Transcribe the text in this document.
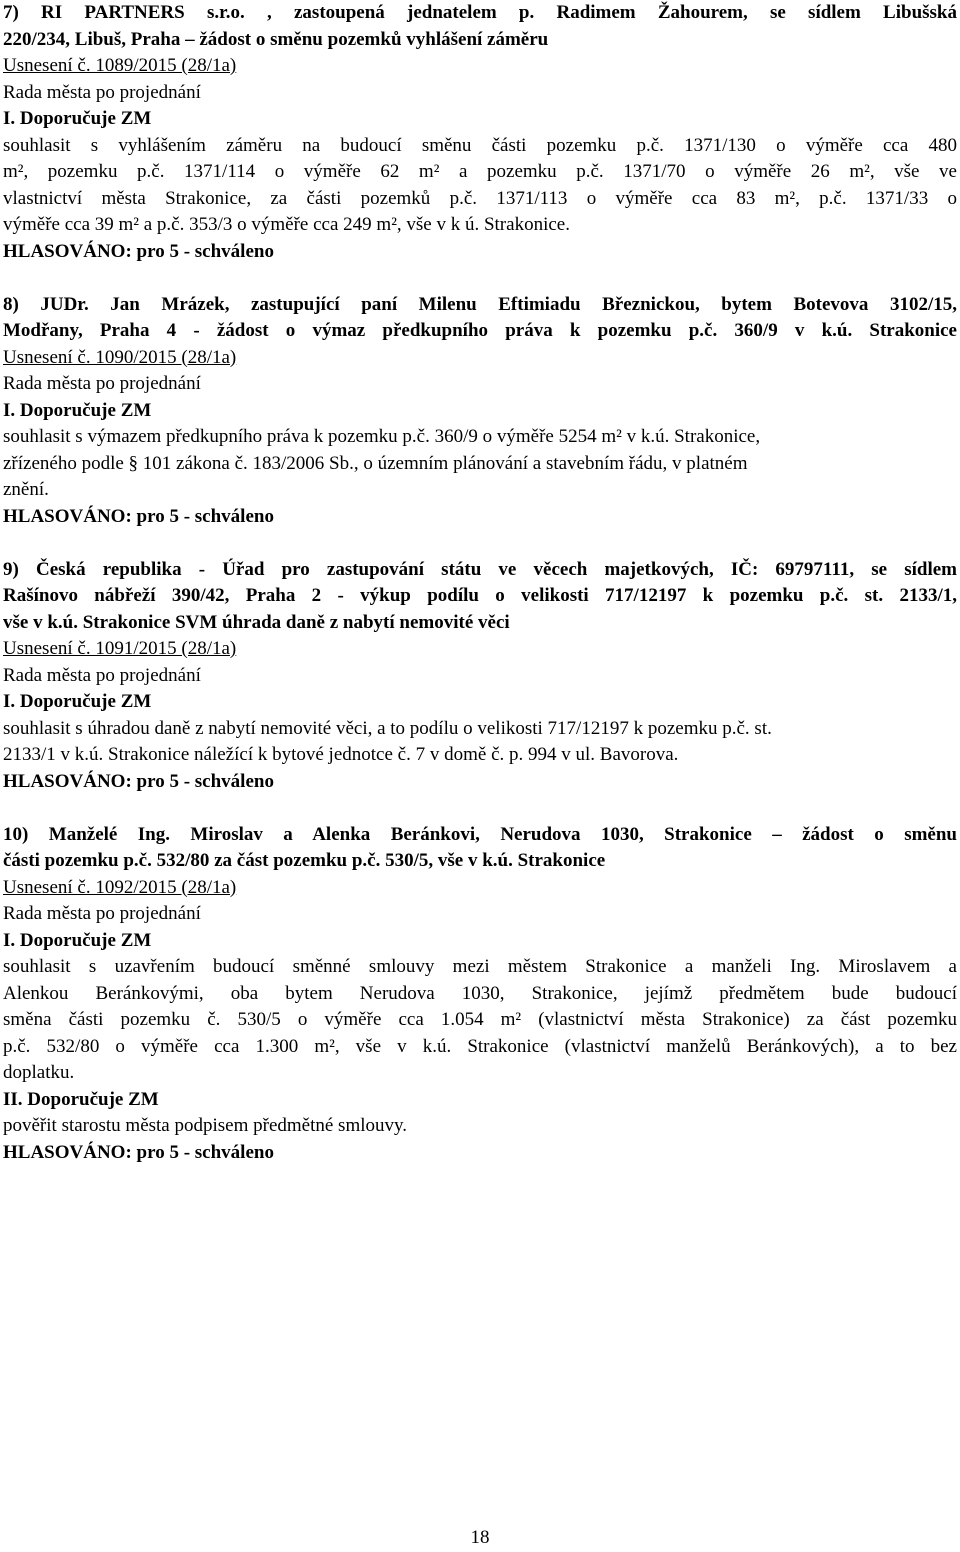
7) RI PARTNERS s.r.o. , zastoupená jednatelem p. Radimem Žahourem, se sídlem Libušská
220/234, Libuš, Praha – žádost o směnu pozemků vyhlášení záměru
Usnesení č. 1089/2015 (28/1a)
Rada města po projednání
I. Doporučuje ZM
souhlasit s vyhlášením záměru na budoucí směnu části pozemku p.č. 1371/130 o výměře cca 480
m², pozemku p.č. 1371/114 o výměře 62 m² a pozemku p.č. 1371/70 o výměře 26 m², vše ve
vlastnictví města Strakonice, za části pozemků p.č. 1371/113 o výměře cca 83 m², p.č. 1371/33 o
výměře cca 39 m² a p.č. 353/3 o výměře cca 249 m², vše v k ú. Strakonice.
HLASOVÁNO: pro 5 - schváleno
8) JUDr. Jan Mrázek, zastupující paní Milenu Eftimiadu Březnickou, bytem Botevova 3102/15,
Modřany, Praha 4 - žádost o výmaz předkupního práva k pozemku p.č. 360/9 v k.ú. Strakonice
Usnesení č. 1090/2015 (28/1a)
Rada města po projednání
I. Doporučuje ZM
souhlasit s výmazem předkupního práva k pozemku p.č. 360/9 o výměře 5254 m² v k.ú. Strakonice,
zřízeného podle § 101 zákona č. 183/2006 Sb., o územním plánování a stavebním řádu, v platném
znění.
HLASOVÁNO: pro 5 - schváleno
9) Česká republika - Úřad pro zastupování státu ve věcech majetkových, IČ: 69797111, se sídlem
Rašínovo nábřeží 390/42, Praha 2 - výkup podílu o velikosti 717/12197 k pozemku p.č. st. 2133/1,
vše v k.ú. Strakonice SVM úhrada daně z nabytí nemovité věci
Usnesení č. 1091/2015 (28/1a)
Rada města po projednání
I. Doporučuje ZM
souhlasit s úhradou daně z nabytí nemovité věci, a to podílu o velikosti 717/12197 k pozemku p.č. st.
2133/1 v k.ú. Strakonice náležící k bytové jednotce č. 7 v domě č. p. 994 v ul. Bavorova.
HLASOVÁNO: pro 5 - schváleno
10) Manželé Ing. Miroslav a Alenka Beránkovi, Nerudova 1030, Strakonice – žádost o směnu
části pozemku p.č. 532/80 za část pozemku p.č. 530/5, vše v k.ú. Strakonice
Usnesení č. 1092/2015 (28/1a)
Rada města po projednání
I. Doporučuje ZM
souhlasit s uzavřením budoucí směnné smlouvy mezi městem Strakonice a manželi Ing. Miroslavem a
Alenkou Beránkovými, oba bytem Nerudova 1030, Strakonice, jejímž předmětem bude budoucí
směna části pozemku č. 530/5 o výměře cca 1.054 m² (vlastnictví města Strakonice) za část pozemku
p.č. 532/80 o výměře cca 1.300 m², vše v k.ú. Strakonice (vlastnictví manželů Beránkových), a to bez
doplatku.
II. Doporučuje ZM
pověřit starostu města podpisem předmětné smlouvy.
HLASOVÁNO: pro 5 - schváleno
18
